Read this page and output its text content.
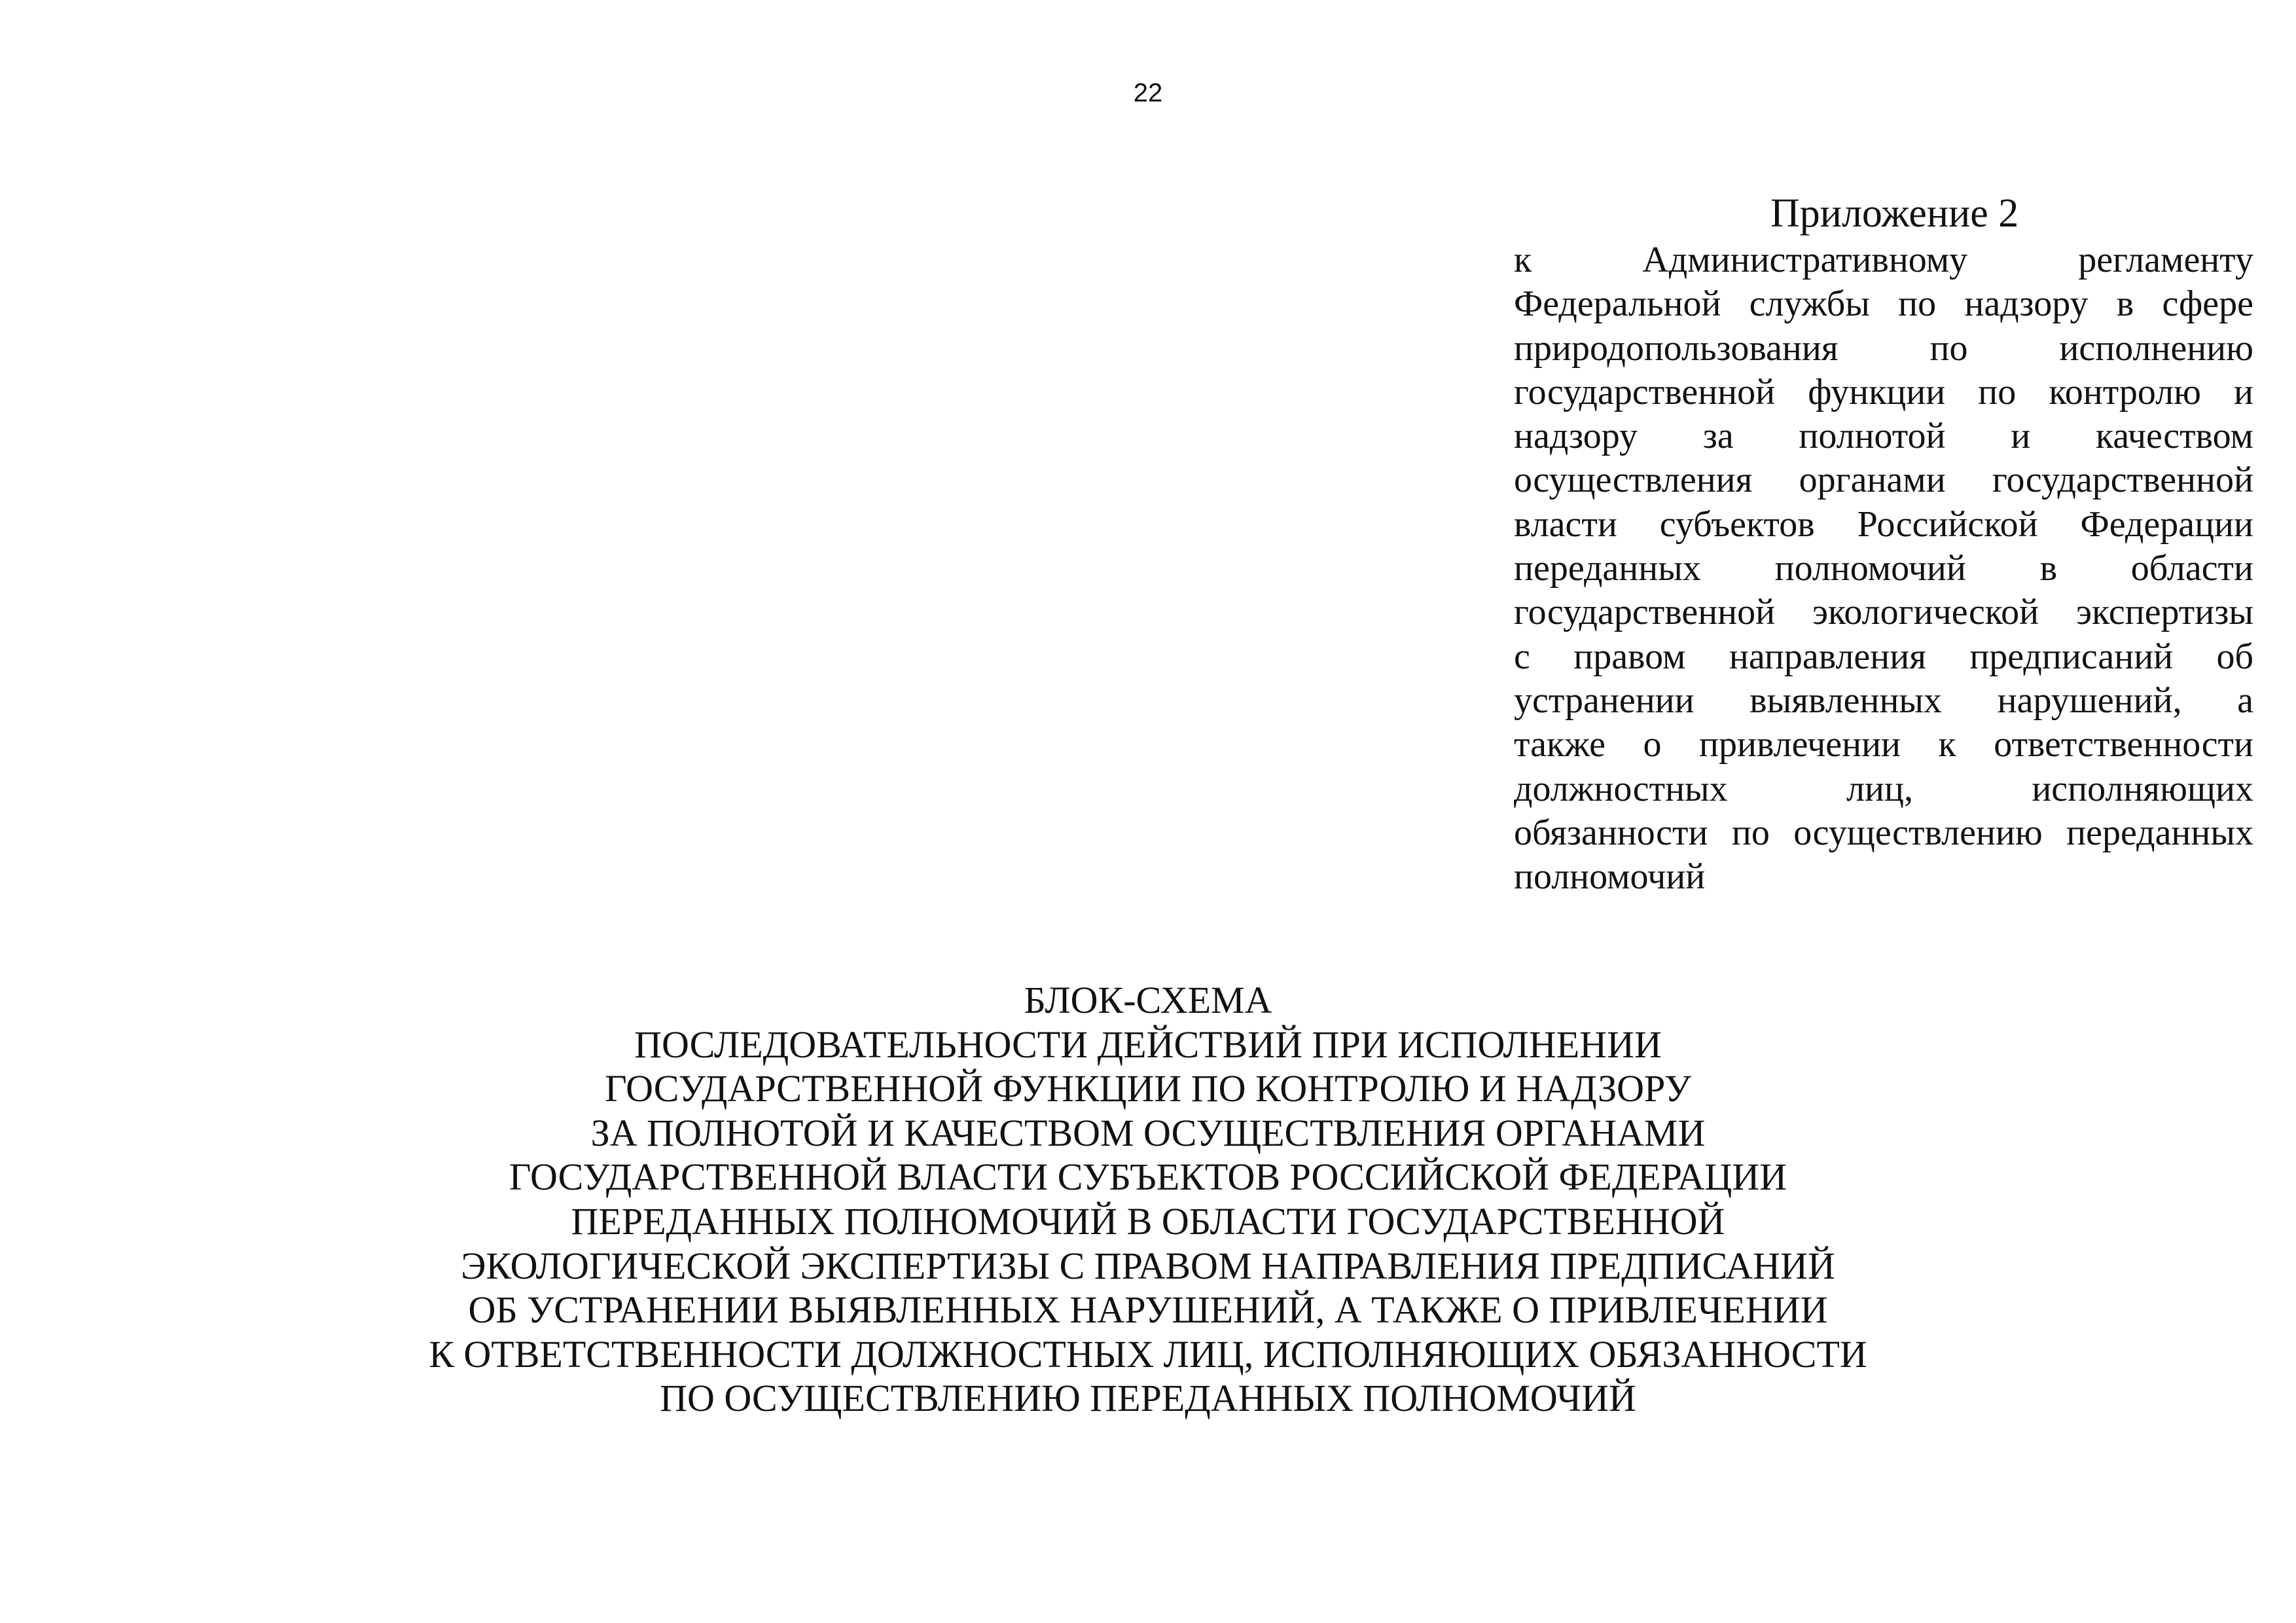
22
Приложение 2
к Административному регламенту
Федеральной службы по надзору в сфере
природопользования по исполнению
государственной функции по контролю и
надзору за полнотой и качеством
осуществления органами государственной
власти субъектов Российской Федерации
переданных полномочий в области
государственной экологической экспертизы
с правом направления предписаний об
устранении выявленных нарушений, а
также о привлечении к ответственности
должностных лиц, исполняющих
обязанности по осуществлению переданных
полномочий
БЛОК-СХЕМА
ПОСЛЕДОВАТЕЛЬНОСТИ ДЕЙСТВИЙ ПРИ ИСПОЛНЕНИИ
ГОСУДАРСТВЕННОЙ ФУНКЦИИ ПО КОНТРОЛЮ И НАДЗОРУ
ЗА ПОЛНОТОЙ И КАЧЕСТВОМ ОСУЩЕСТВЛЕНИЯ ОРГАНАМИ
ГОСУДАРСТВЕННОЙ ВЛАСТИ СУБЪЕКТОВ РОССИЙСКОЙ ФЕДЕРАЦИИ
ПЕРЕДАННЫХ ПОЛНОМОЧИЙ В ОБЛАСТИ ГОСУДАРСТВЕННОЙ
ЭКОЛОГИЧЕСКОЙ ЭКСПЕРТИЗЫ С ПРАВОМ НАПРАВЛЕНИЯ ПРЕДПИСАНИЙ
ОБ УСТРАНЕНИИ ВЫЯВЛЕННЫХ НАРУШЕНИЙ, А ТАКЖЕ О ПРИВЛЕЧЕНИИ
К ОТВЕТСТВЕННОСТИ ДОЛЖНОСТНЫХ ЛИЦ, ИСПОЛНЯЮЩИХ ОБЯЗАННОСТИ
ПО ОСУЩЕСТВЛЕНИЮ ПЕРЕДАННЫХ ПОЛНОМОЧИЙ
